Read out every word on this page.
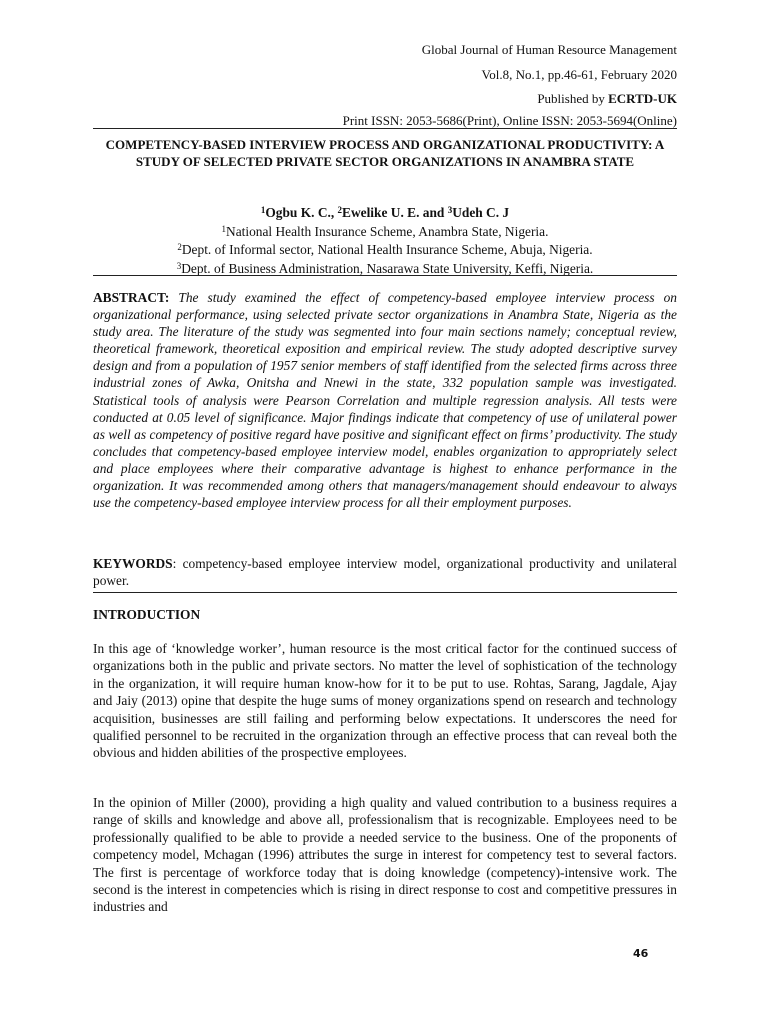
Global Journal of Human Resource Management
Vol.8, No.1, pp.46-61, February 2020
Published by ECRTD-UK
Print ISSN: 2053-5686(Print), Online ISSN: 2053-5694(Online)
COMPETENCY-BASED INTERVIEW PROCESS AND ORGANIZATIONAL PRODUCTIVITY: A STUDY OF SELECTED PRIVATE SECTOR ORGANIZATIONS IN ANAMBRA STATE
$^1$Ogbu K. C., $^2$Ewelike U. E. and $^3$Udeh C. J
$^1$National Health Insurance Scheme, Anambra State, Nigeria.
$^2$Dept. of Informal sector, National Health Insurance Scheme, Abuja, Nigeria.
$^3$Dept. of Business Administration, Nasarawa State University, Keffi, Nigeria.
ABSTRACT: The study examined the effect of competency-based employee interview process on organizational performance, using selected private sector organizations in Anambra State, Nigeria as the study area. The literature of the study was segmented into four main sections namely; conceptual review, theoretical framework, theoretical exposition and empirical review. The study adopted descriptive survey design and from a population of 1957 senior members of staff identified from the selected firms across three industrial zones of Awka, Onitsha and Nnewi in the state, 332 population sample was investigated. Statistical tools of analysis were Pearson Correlation and multiple regression analysis. All tests were conducted at 0.05 level of significance. Major findings indicate that competency of use of unilateral power as well as competency of positive regard have positive and significant effect on firms’ productivity. The study concludes that competency-based employee interview model, enables organization to appropriately select and place employees where their comparative advantage is highest to enhance performance in the organization. It was recommended among others that managers/management should endeavour to always use the competency-based employee interview process for all their employment purposes.
KEYWORDS: competency-based employee interview model, organizational productivity and unilateral power.
INTRODUCTION
In this age of ‘knowledge worker’, human resource is the most critical factor for the continued success of organizations both in the public and private sectors. No matter the level of sophistication of the technology in the organization, it will require human know-how for it to be put to use. Rohtas, Sarang, Jagdale, Ajay and Jaiy (2013) opine that despite the huge sums of money organizations spend on research and technology acquisition, businesses are still failing and performing below expectations. It underscores the need for qualified personnel to be recruited in the organization through an effective process that can reveal both the obvious and hidden abilities of the prospective employees.
In the opinion of Miller (2000), providing a high quality and valued contribution to a business requires a range of skills and knowledge and above all, professionalism that is recognizable. Employees need to be professionally qualified to be able to provide a needed service to the business. One of the proponents of competency model, Mchagan (1996) attributes the surge in interest for competency test to several factors. The first is percentage of workforce today that is doing knowledge (competency)-intensive work. The second is the interest in competencies which is rising in direct response to cost and competitive pressures in industries and
46
